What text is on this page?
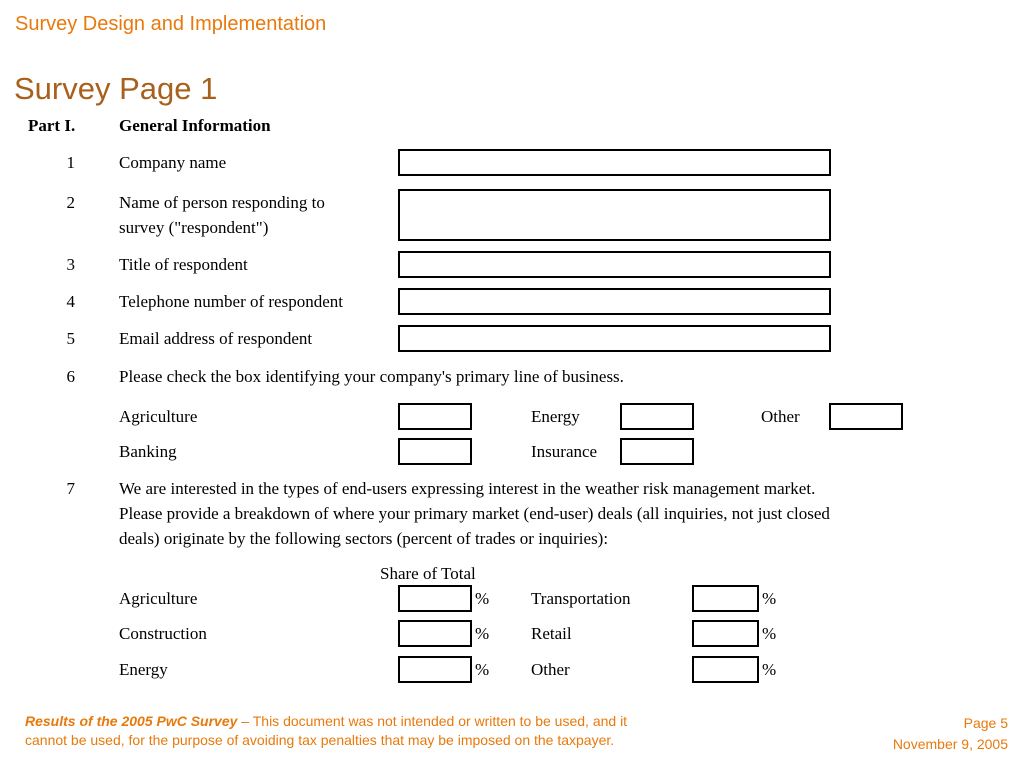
Survey Design and Implementation
Survey Page 1
Part I.	General Information
1	Company name
2	Name of person responding to
survey ("respondent")
3	Title of respondent
4	Telephone number of respondent
5	Email address of respondent
6	Please check the box identifying your company's primary line of business.
Agriculture	Energy	Other
Banking	Insurance
7	We are interested in the types of end-users expressing interest in the weather risk management market.
Please provide a breakdown of where your primary market (end-user) deals (all inquiries, not just closed
deals) originate by the following sectors (percent of trades or inquiries):
Share of Total
Agriculture	% Transportation	%
Construction	% Retail	%
Energy	% Other	%
Results of the 2005 PwC Survey – This document was not intended or written to be used, and it
cannot be used, for the purpose of avoiding tax penalties that may be imposed on the taxpayer.
Page 5
November 9, 2005
